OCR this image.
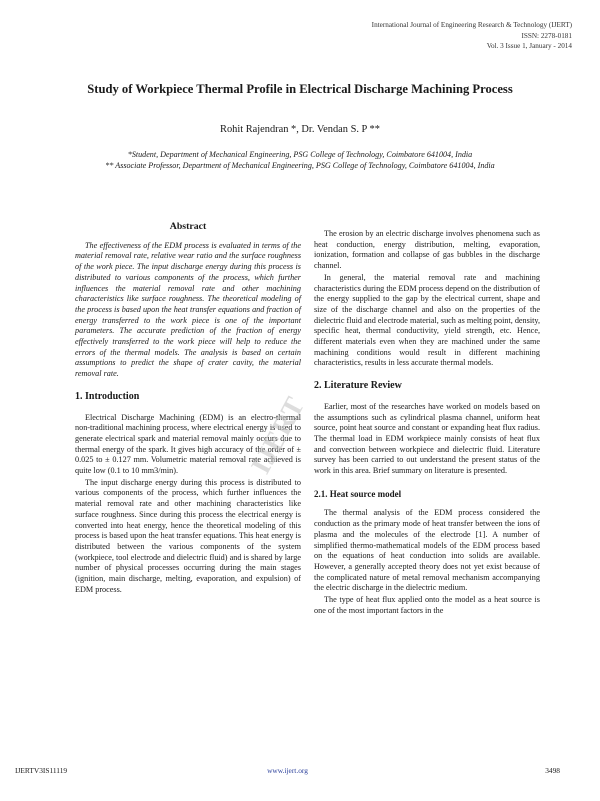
International Journal of Engineering Research & Technology (IJERT)
ISSN: 2278-0181
Vol. 3 Issue 1, January - 2014
Study of Workpiece Thermal Profile in Electrical Discharge Machining Process
Rohit Rajendran *, Dr. Vendan S. P **
*Student, Department of Mechanical Engineering, PSG College of Technology, Coimbatore 641004, India
** Associate Professor, Department of Mechanical Engineering, PSG College of Technology, Coimbatore 641004, India
Abstract

The effectiveness of the EDM process is evaluated in terms of the material removal rate, relative wear ratio and the surface roughness of the work piece. The input discharge energy during this process is distributed to various components of the process, which further influences the material removal rate and other machining characteristics like surface roughness. The theoretical modeling of the process is based upon the heat transfer equations and fraction of energy transferred to the work piece is one of the important parameters. The accurate prediction of the fraction of energy effectively transferred to the work piece will help to reduce the errors of the thermal models. The analysis is based on certain assumptions to predict the shape of crater cavity, the material removal rate.

1. Introduction

Electrical Discharge Machining (EDM) is an electro-thermal non-traditional machining process, where electrical energy is used to generate electrical spark and material removal mainly occurs due to thermal energy of the spark. It gives high accuracy of the order of ± 0.025 to ± 0.127 mm. Volumetric material removal rate achieved is quite low (0.1 to 10 mm3/min).

The input discharge energy during this process is distributed to various components of the process, which further influences the material removal rate and other machining characteristics like surface roughness. Since during this process the electrical energy is converted into heat energy, hence the theoretical modeling of this process is based upon the heat transfer equations. This heat energy is distributed between the various components of the system (workpiece, tool electrode and dielectric fluid) and is shared by large number of physical processes occurring during the main stages (ignition, main discharge, melting, evaporation, and expulsion) of EDM process.

The erosion by an electric discharge involves phenomena such as heat conduction, energy distribution, melting, evaporation, ionization, formation and collapse of gas bubbles in the discharge channel.

In general, the material removal rate and machining characteristics during the EDM process depend on the distribution of the energy supplied to the gap by the electrical current, shape and size of the discharge channel and also on the properties of the dielectric fluid and electrode material, such as melting point, density, specific heat, thermal conductivity, yield strength, etc. Hence, different materials even when they are machined under the same machining conditions would result in different machining characteristics, results in less accurate thermal models.

2. Literature Review

Earlier, most of the researches have worked on models based on the assumptions such as cylindrical plasma channel, uniform heat source, point heat source and constant or expanding heat flux radius. The thermal load in EDM workpiece mainly consists of heat flux and convection between workpiece and dielectric fluid. Literature survey has been carried to out understand the present status of the work in this area. Brief summary on literature is presented.

2.1. Heat source model

The thermal analysis of the EDM process considered the conduction as the primary mode of heat transfer between the ions of plasma and the molecules of the electrode [1]. A number of simplified thermo-mathematical models of the EDM process based on the equations of heat conduction into solids are available. However, a generally accepted theory does not yet exist because of the complicated nature of metal removal mechanism accompanying the electric discharge in the dielectric medium.

The type of heat flux applied onto the model as a heat source is one of the most important factors in the

IJERT
IJERTV3IS11119	www.ijert.org	3498
